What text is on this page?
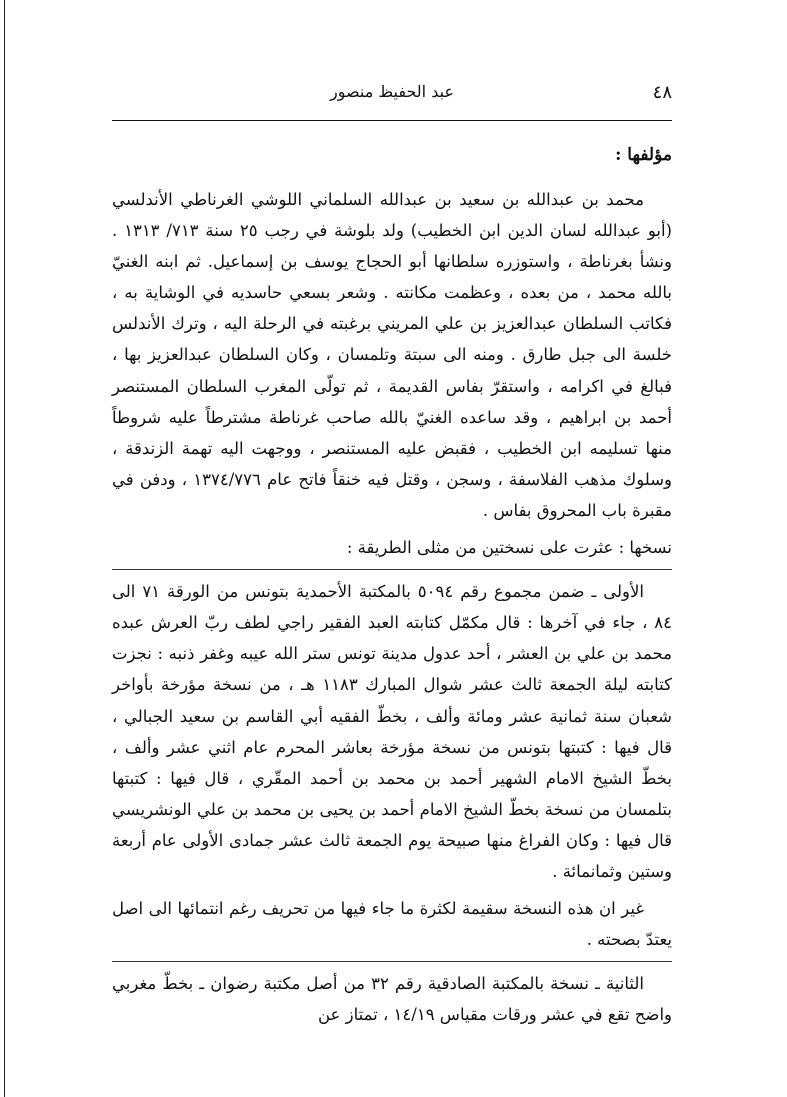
٤٨
عبد الحفيظ منصور
مؤلفها :

محمد بن عبدالله بن سعيد بن عبدالله السلماني اللوشي الغرناطي الأندلسي (أبو عبدالله لسان الدين ابن الخطيب) ولد بلوشة في رجب ٢٥ سنة ٧١٣/ ١٣١٣ . ونشأ بغرناطة ، واستوزره سلطانها أبو الحجاج يوسف بن إسماعيل. ثم ابنه الغنيّ بالله محمد ، من بعده ، وعظمت مكانته . وشعر بسعي حاسديه في الوشاية به ، فكاتب السلطان عبدالعزيز بن علي المريني برغبته في الرحلة اليه ، وترك الأندلس خلسة الى جبل طارق . ومنه الى سبتة وتلمسان ، وكان السلطان عبدالعزيز بها ، فبالغ في اكرامه ، واستقرّ بفاس القديمة ، ثم تولّى المغرب السلطان المستنصر أحمد بن ابراهيم ، وقد ساعده الغنيّ بالله صاحب غرناطة مشترطاً عليه شروطاً منها تسليمه ابن الخطيب ، فقبض عليه المستنصر ، ووجهت اليه تهمة الزندقة ، وسلوك مذهب الفلاسفة ، وسجن ، وقتل فيه خنقاً فاتح عام ١٣٧٤/٧٧٦ ، ودفن في مقبرة باب المحروق بفاس .

نسخها : عثرت على نسختين من مثلى الطريقة :

الأولى ـ ضمن مجموع رقم ٥٠٩٤ بالمكتبة الأحمدية بتونس من الورقة ٧١ الى ٨٤ ، جاء في آخرها : قال مكمّل كتابته العبد الفقير راجي لطف ربّ العرش عبده محمد بن علي بن العشر ، أحد عدول مدينة تونس ستر الله عيبه وغفر ذنبه : نجزت كتابته ليلة الجمعة ثالث عشر شوال المبارك ١١٨٣ هـ ، من نسخة مؤرخة بأواخر شعبان سنة ثمانية عشر ومائة وألف ، بخطّ الفقيه أبي القاسم بن سعيد الجبالي ، قال فيها : كتبتها بتونس من نسخة مؤرخة بعاشر المحرم عام اثني عشر وألف ، بخطّ الشيخ الامام الشهير أحمد بن محمد بن أحمد المقّري ، قال فيها : كتبتها بتلمسان من نسخة بخطّ الشيخ الامام أحمد بن يحيى بن محمد بن علي الونشريسي قال فيها : وكان الفراغ منها صبيحة يوم الجمعة ثالث عشر جمادى الأولى عام أربعة وستين وثمانمائة .

غير ان هذه النسخة سقيمة لكثرة ما جاء فيها من تحريف رغم انتمائها الى اصل يعتدّ بصحته .

الثانية ـ نسخة بالمكتبة الصادقية رقم ٣٢ من أصل مكتبة رضوان ـ بخطّ مغربي واضح تقع في عشر ورقات مقياس ١٤/١٩ ، تمتاز عن
